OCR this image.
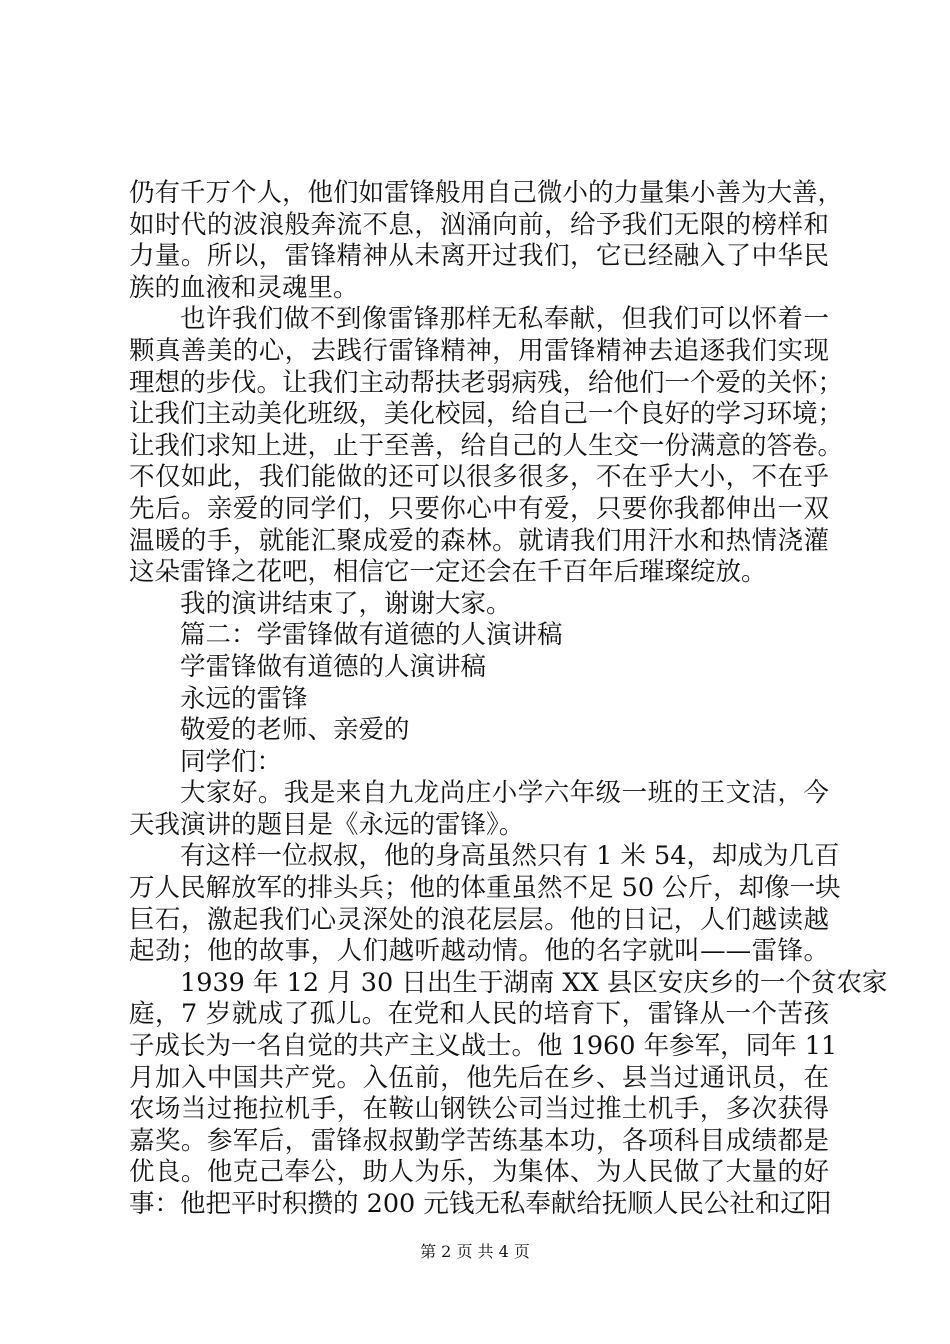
仍有千万个人，他们如雷锋般用自己微小的力量集小善为大善，
如时代的波浪般奔流不息，汹涌向前，给予我们无限的榜样和
力量。所以，雷锋精神从未离开过我们，它已经融入了中华民
族的血液和灵魂里。
也许我们做不到像雷锋那样无私奉献，但我们可以怀着一
颗真善美的心，去践行雷锋精神，用雷锋精神去追逐我们实现
理想的步伐。让我们主动帮扶老弱病残，给他们一个爱的关怀；
让我们主动美化班级，美化校园，给自己一个良好的学习环境；
让我们求知上进，止于至善，给自己的人生交一份满意的答卷。
不仅如此，我们能做的还可以很多很多，不在乎大小，不在乎
先后。亲爱的同学们，只要你心中有爱，只要你我都伸出一双
温暖的手，就能汇聚成爱的森林。就请我们用汗水和热情浇灌
这朵雷锋之花吧，相信它一定还会在千百年后璀璨绽放。
我的演讲结束了，谢谢大家。
篇二：学雷锋做有道德的人演讲稿
学雷锋做有道德的人演讲稿
永远的雷锋
敬爱的老师、亲爱的
同学们：
大家好。我是来自九龙尚庄小学六年级一班的王文洁，今
天我演讲的题目是《永远的雷锋》。
有这样一位叔叔，他的身高虽然只有 1 米 54，却成为几百
万人民解放军的排头兵；他的体重虽然不足 50 公斤，却像一块
巨石，激起我们心灵深处的浪花层层。他的日记，人们越读越
起劲；他的故事，人们越听越动情。他的名字就叫——雷锋。
1939 年 12 月 30 日出生于湖南 XX 县区安庆乡的一个贫农家
庭，7 岁就成了孤儿。在党和人民的培育下，雷锋从一个苦孩
子成长为一名自觉的共产主义战士。他 1960 年参军，同年 11
月加入中国共产党。入伍前，他先后在乡、县当过通讯员，在
农场当过拖拉机手，在鞍山钢铁公司当过推土机手，多次获得
嘉奖。参军后，雷锋叔叔勤学苦练基本功，各项科目成绩都是
优良。他克己奉公，助人为乐，为集体、为人民做了大量的好
事：他把平时积攒的 200 元钱无私奉献给抚顺人民公社和辽阳
第 2 页 共 4 页
